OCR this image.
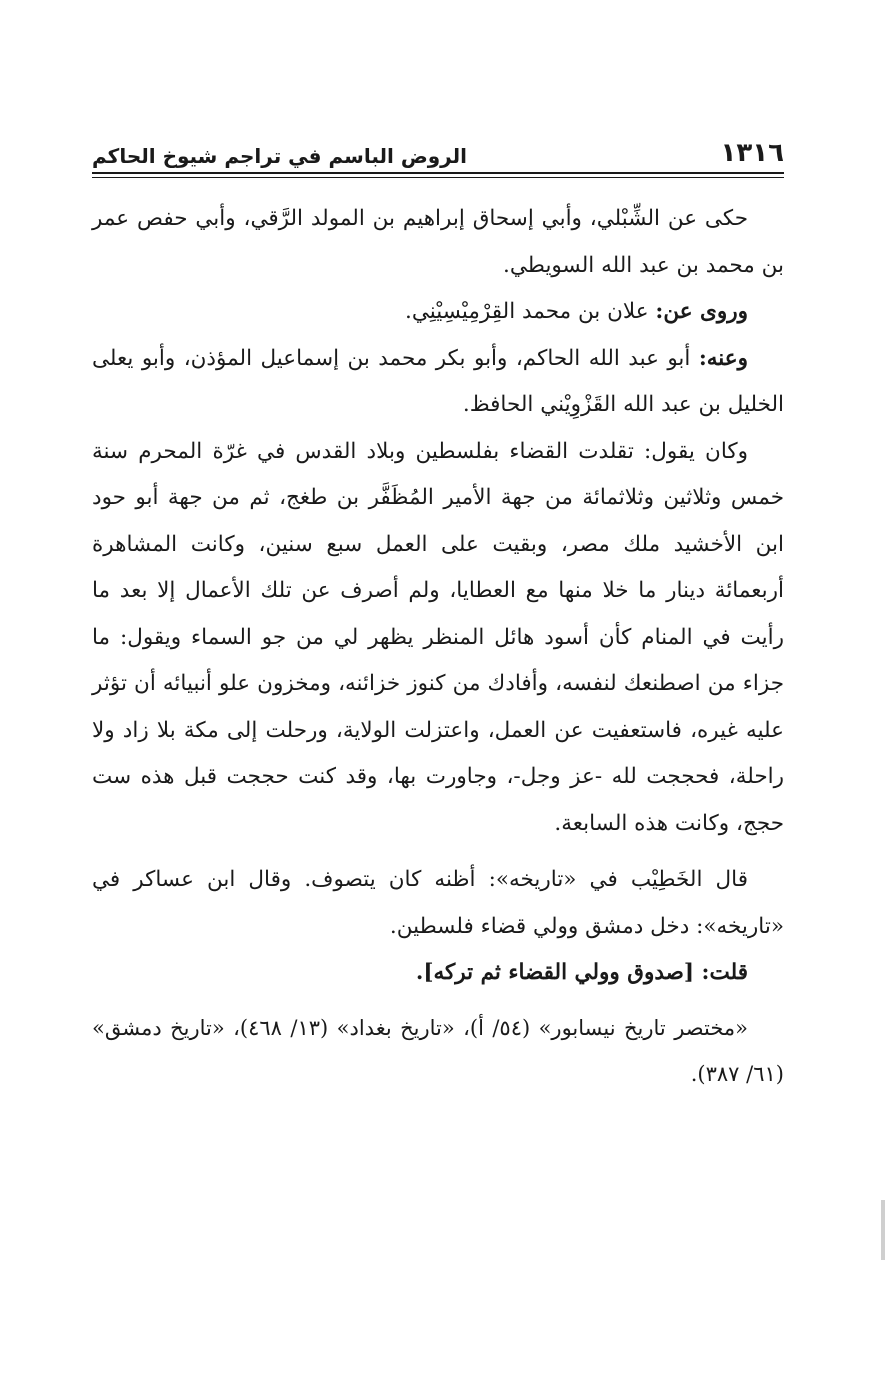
١٣١٦
الروض الباسم في تراجم شيوخ الحاكم

حكى عن الشِّبْلي، وأبي إسحاق إبراهيم بن المولد الرَّقي، وأبي حفص عمر بن محمد بن عبد الله السويطي.

وروى عن: علان بن محمد القِرْمِيْسِيْنِي.

وعنه: أبو عبد الله الحاكم، وأبو بكر محمد بن إسماعيل المؤذن، وأبو يعلى الخليل بن عبد الله القَزْوِيْني الحافظ.

وكان يقول: تقلدت القضاء بفلسطين وبلاد القدس في غرّة المحرم سنة خمس وثلاثين وثلاثمائة من جهة الأمير المُظَفَّر بن طغج، ثم من جهة أبو حود ابن الأخشيد ملك مصر، وبقيت على العمل سبع سنين، وكانت المشاهرة أربعمائة دينار ما خلا منها مع العطايا، ولم أصرف عن تلك الأعمال إلا بعد ما رأيت في المنام كأن أسود هائل المنظر يظهر لي من جو السماء ويقول: ما جزاء من اصطنعك لنفسه، وأفادك من كنوز خزائنه، ومخزون علو أنبيائه أن تؤثر عليه غيره، فاستعفيت عن العمل، واعتزلت الولاية، ورحلت إلى مكة بلا زاد ولا راحلة، فحججت لله -عز وجل-، وجاورت بها، وقد كنت حججت قبل هذه ست حجج، وكانت هذه السابعة.

قال الخَطِيْب في «تاريخه»: أظنه كان يتصوف. وقال ابن عساكر في «تاريخه»: دخل دمشق وولي قضاء فلسطين.

قلت: [صدوق وولي القضاء ثم تركه].

«مختصر تاريخ نيسابور» (٥٤/ أ)، «تاريخ بغداد» (١٣/ ٤٦٨)، «تاريخ دمشق» (٦١/ ٣٨٧).
